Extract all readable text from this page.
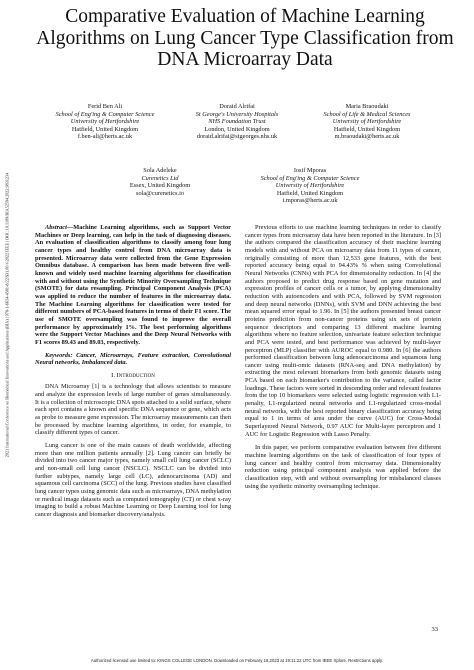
2021 International Conference on Biomedical Innovations and Applications (BIA) | 978-1-6654-4581-8/22/$31.00 ©2022 IEEE | DOI: 10.1109/BIA52594.2022.9831234
Comparative Evaluation of Machine Learning Algorithms on Lung Cancer Type Classification from DNA Microarray Data
Ferid Ben Ali
School of Eng'ing & Computer Science
University of Hertfordshire
Hatfield, United Kingdom
f.ben-ali@herts.ac.uk
Doraid Alrifai
St George's University Hospitals
NHS Foundation Trust
London, United Kingdom
doraid.alrifai@stgeorges.nhs.uk
Maria Braoudaki
School of Life & Medical Sciences
University of Hertfordshire
Hatfield, United Kingdom
m.braoudaki@herts.ac.uk
Sola Adeleke
Curenetics Ltd
Essex, United Kingdom
sola@curenetics.io
Iosif Mporas
School of Eng'ing & Computer Science
University of Hertfordshire
Hatfield, United Kingdom
i.mporas@herts.ac.uk

Abstract—Machine Learning algorithms, such as Support Vector Machines or Deep learning, can help in the task of diagnosing diseases. An evaluation of classification algorithms to classify among four lung cancer types and healthy control from DNA microarray data is presented. Microarray data were collected from the Gene Expression Omnibus database. A comparison has been made between five well-known and widely used machine learning algorithms for classification with and without using the Synthetic Minority Oversampling Technique (SMOTE) for data resampling. Principal Component Analysis (PCA) was applied to reduce the number of features in the microarray data. The Machine Learning algorithms for classification were tested for different numbers of PCA-based features in terms of their F1 score. The use of SMOTE oversampling was found to improve the overall performance by approximately 1%. The best performing algorithms were the Support Vector Machines and the Deep Neural Networks with F1 scores 89.43 and 89.03, respectively.

Keywords: Cancer, Microarrays, Feature extraction, Convolutional Neural networks, Imbalanced data.

I. Introduction

DNA Microarray [1] is a technology that allows scientists to measure and analyze the expression levels of large number of genes simultaneously. It is a collection of microscopic DNA spots attached to a solid surface, where each spot contains a known and specific DNA sequence or gene, which acts as probe to measure gene expression. The microarray measurements can then be processed by machine learning algorithms, in order, for example, to classify different types of cancer.

Lung cancer is one of the main causes of death worldwide, affecting more than one million patients annually [2]. Lung cancer can briefly be divided into two cancer major types, namely small cell lung cancer (SCLC) and non-small cell lung cancer (NSCLC). NSCLC can be divided into further subtypes, namely large cell (LC), adenocarcinoma (AD) and squamous cell carcinoma (SCC) of the lung. Previous studies have classified lung cancer types using genomic data such as microarrays, DNA methylation or medical image datasets such as computed tomography (CT) or chest x-ray imaging to build a robust Machine Learning or Deep Learning tool for lung cancer diagnosis and biomarker discovery/analysis.

Previous efforts to use machine learning techniques in order to classify cancer types from microarray data have been reported in the literature. In [3] the authors compared the classification accuracy of their machine learning models with and without PCA on microarray data from 11 types of cancer, originally consisting of more than 12,533 gene features, with the best reported accuracy being equal to 94.43% % when using Convolutional Neural Networks (CNNs) with PCA for dimensionality reduction. In [4] the authors proposed to predict drug response based on gene mutation and expression profiles of cancer cells or a tumor, by applying dimensionality reduction with autoencoders and with PCA, followed by SVM regression and deep neural networks (DNNs), with SVM and DNN achieving the best mean squared error equal to 1.96. In [5] the authors presented breast cancer proteins prediction from non-cancer proteins using six sets of protein sequence descriptors and comparing 13 different machine learning algorithms where no feature selection, univariate feature selection technique and PCA were tested, and best performance was achieved by multi-layer perceptron (MLP) classifier with AUROC equal to 0.980. In [6] the authors performed classification between lung adenocarcinoma and squamous lung cancer using multi-omic datasets (RNA-seq and DNA methylation) by extracting the most relevant biomarkers from both genomic datasets using PCA based on each biomarker's contribution to the variance, called factor loadings. These factors were sorted in descending order and relevant features from the top 10 biomarkers were selected using logistic regression with L1-penalty, L1-regularized neural networks and L1-regularized cross-modal neural networks, with the best reported binary classification accuracy being equal to 1 in terms of area under the curve (AUC) for Cross-Modal Superlayered Neural Network, 0.97 AUC for Multi-layer perceptron and 1 AUC for Logistic Regression with Lasso Penalty.

In this paper, we perform comparative evaluation between five different machine learning algorithms on the task of classification of four types of lung cancer and healthy control from microarray data. Dimensionality reduction using principal component analysis was applied before the classification step, with and without oversampling for misbalanced classes using the synthetic minority oversampling technique.

33
Authorized licensed use limited to: KINGS COLLEGE LONDON. Downloaded on February 18,2023 at 19:11:22 UTC from IEEE Xplore. Restrictions apply.
